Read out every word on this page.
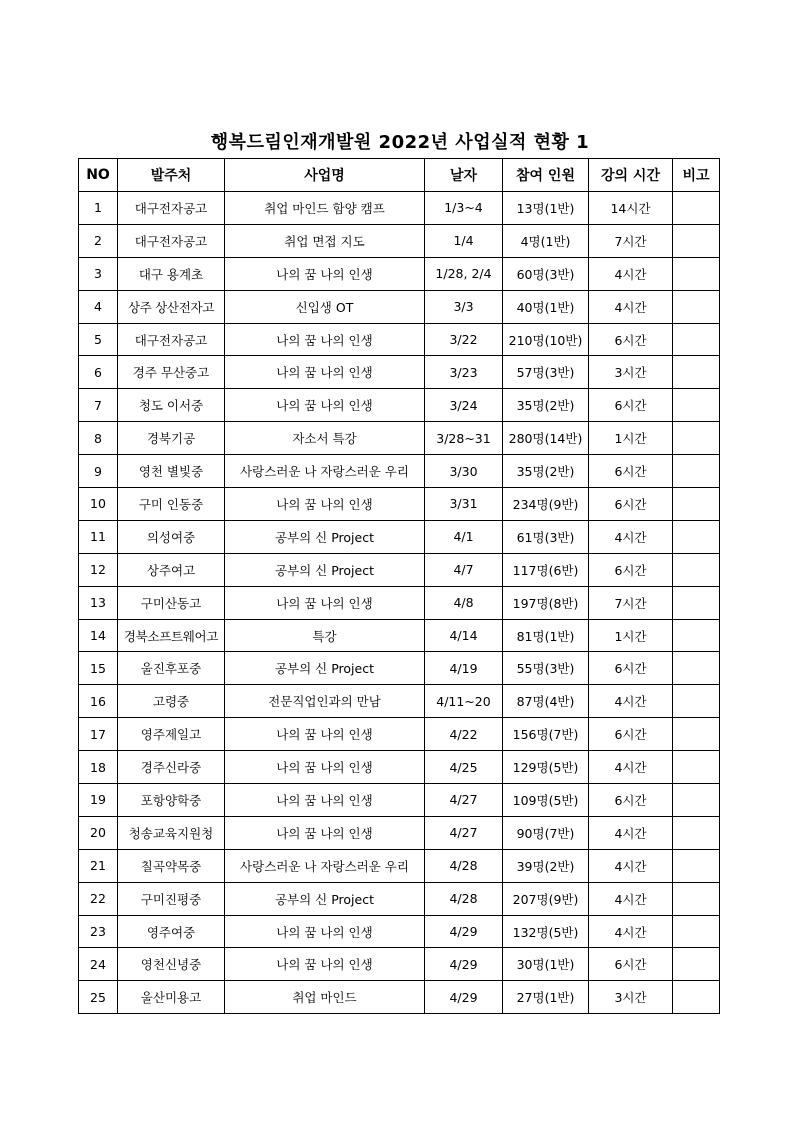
행복드림인재개발원 2022년 사업실적 현황 1
NO	발주처	사업명	날자	참여 인원	강의 시간	비고
1	대구전자공고	취업 마인드 함양 캠프	1/3~4	13명(1반)	14시간	
2	대구전자공고	취업 면접 지도	1/4	4명(1반)	7시간	
3	대구 용계초	나의 꿈 나의 인생	1/28, 2/4	60명(3반)	4시간	
4	상주 상산전자고	신입생 OT	3/3	40명(1반)	4시간	
5	대구전자공고	나의 꿈 나의 인생	3/22	210명(10반)	6시간	
6	경주 무산중고	나의 꿈 나의 인생	3/23	57명(3반)	3시간	
7	청도 이서중	나의 꿈 나의 인생	3/24	35명(2반)	6시간	
8	경북기공	자소서 특강	3/28~31	280명(14반)	1시간	
9	영천 별빛중	사랑스러운 나 자랑스러운 우리	3/30	35명(2반)	6시간	
10	구미 인동중	나의 꿈 나의 인생	3/31	234명(9반)	6시간	
11	의성여중	공부의 신 Project	4/1	61명(3반)	4시간	
12	상주여고	공부의 신 Project	4/7	117명(6반)	6시간	
13	구미산동고	나의 꿈 나의 인생	4/8	197명(8반)	7시간	
14	경북소프트웨어고	특강	4/14	81명(1반)	1시간	
15	울진후포중	공부의 신 Project	4/19	55명(3반)	6시간	
16	고령중	전문직업인과의 만남	4/11~20	87명(4반)	4시간	
17	영주제일고	나의 꿈 나의 인생	4/22	156명(7반)	6시간	
18	경주신라중	나의 꿈 나의 인생	4/25	129명(5반)	4시간	
19	포항양학중	나의 꿈 나의 인생	4/27	109명(5반)	6시간	
20	청송교육지원청	나의 꿈 나의 인생	4/27	90명(7반)	4시간	
21	칠곡약목중	사랑스러운 나 자랑스러운 우리	4/28	39명(2반)	4시간	
22	구미진평중	공부의 신 Project	4/28	207명(9반)	4시간	
23	영주여중	나의 꿈 나의 인생	4/29	132명(5반)	4시간	
24	영천신녕중	나의 꿈 나의 인생	4/29	30명(1반)	6시간	
25	울산미용고	취업 마인드	4/29	27명(1반)	3시간	
